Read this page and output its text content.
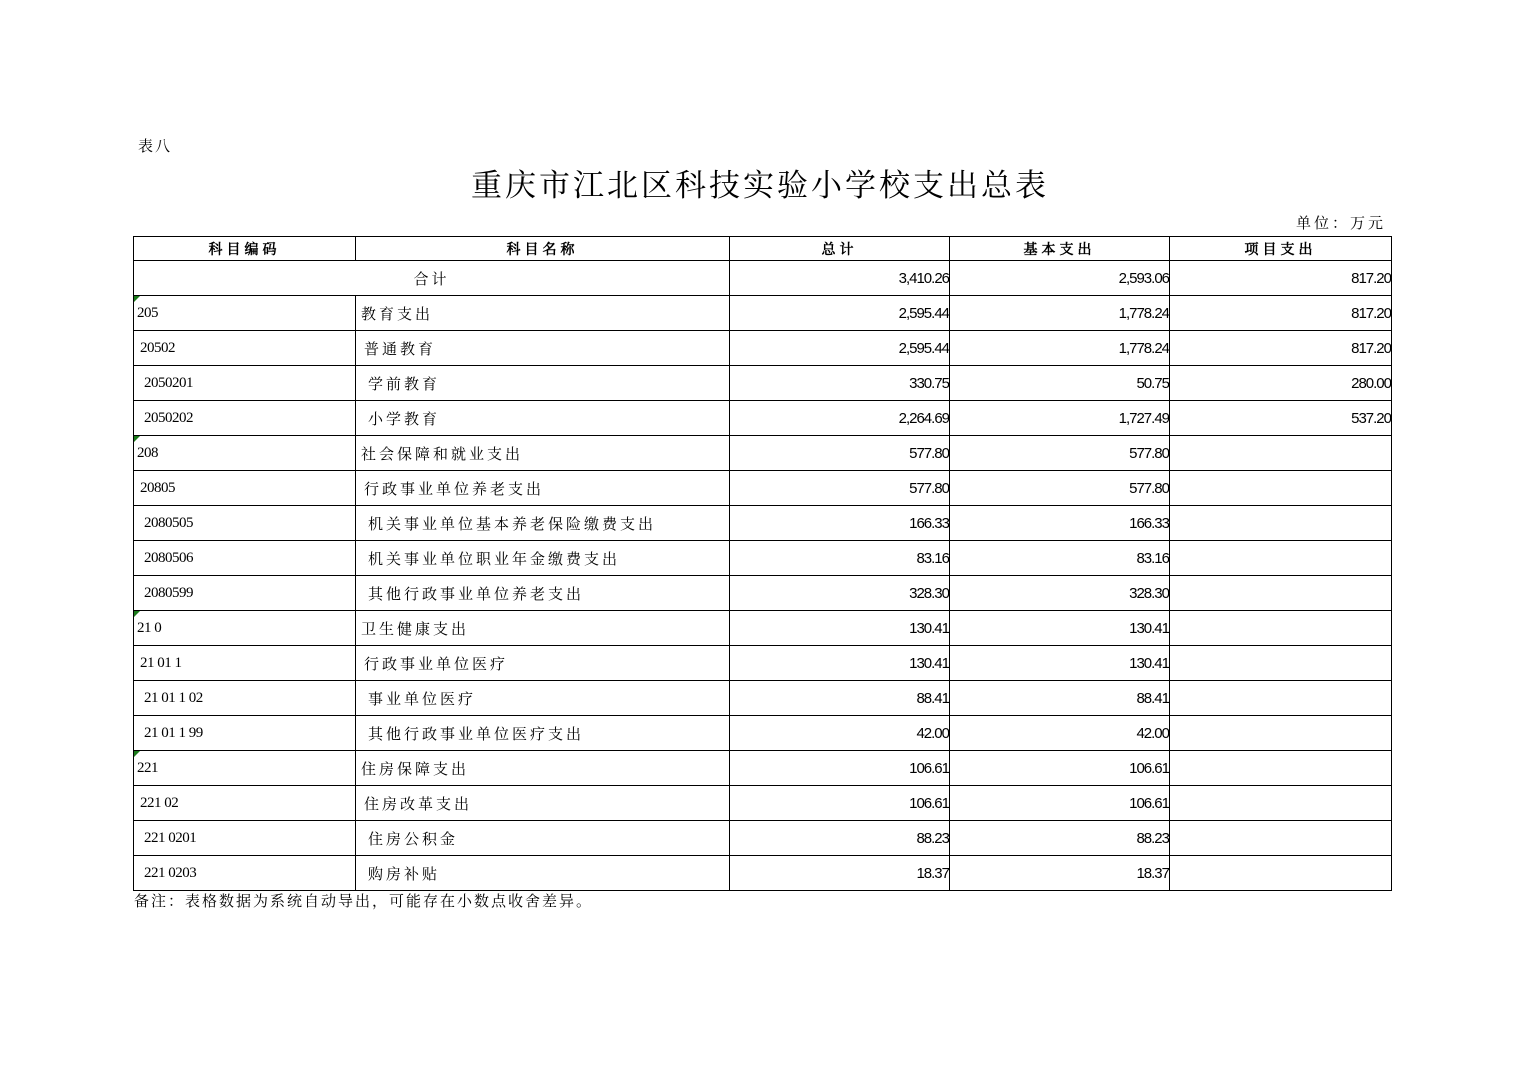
表八
重庆市江北区科技实验小学校支出总表
单位：万元
科目编码	科目名称	总计	基本支出	项目支出
合计		3,410.26	2,593.06	817.20

205	教育支出	2,595.44	1,778.24	817.20
20502	普通教育	2,595.44	1,778.24	817.20
2050201	学前教育	330.75	50.75	280.00
2050202	小学教育	2,264.69	1,727.49	537.20

208	社会保障和就业支出	577.80	577.80	
20805	行政事业单位养老支出	577.80	577.80	
2080505	机关事业单位基本养老保险缴费支出	166.33	166.33	
2080506	机关事业单位职业年金缴费支出	83.16	83.16	
2080599	其他行政事业单位养老支出	328.30	328.30	

21 0	卫生健康支出	130.41	130.41	
21 01 1	行政事业单位医疗	130.41	130.41	
21 01 1 02	事业单位医疗	88.41	88.41	
21 01 1 99	其他行政事业单位医疗支出	42.00	42.00	

221	住房保障支出	106.61	106.61	
221 02	住房改革支出	106.61	106.61	
221 0201	住房公积金	88.23	88.23	
221 0203	购房补贴	18.37	18.37	
备注：表格数据为系统自动导出，可能存在小数点收舍差异。
